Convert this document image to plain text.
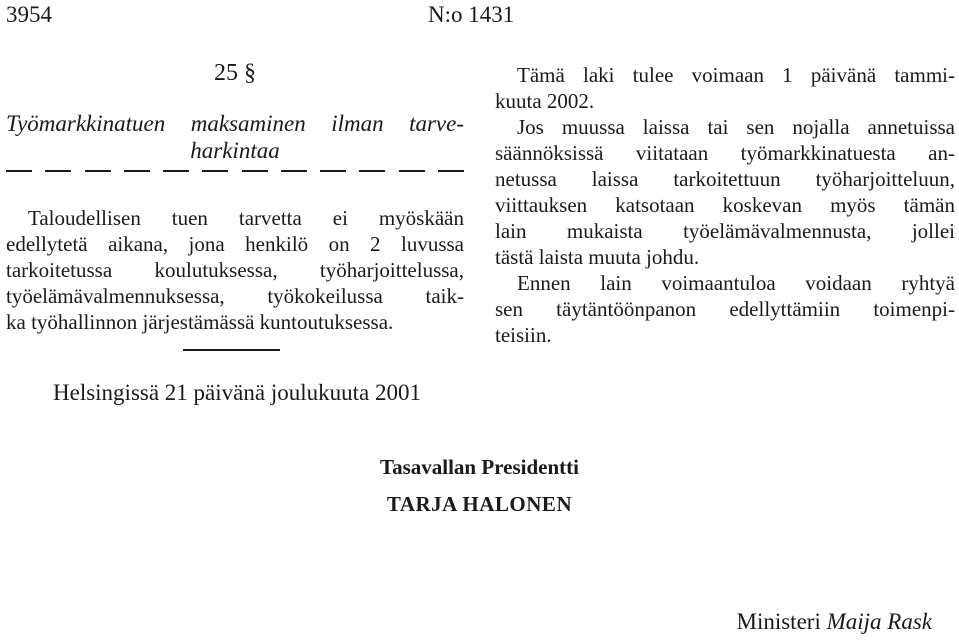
3954	N:o 1431
25 §
Työmarkkinatuen maksaminen ilman tarve-
harkintaa
Taloudellisen tuen tarvetta ei myöskään
edellytetä aikana, jona henkilö on 2 luvussa
tarkoitetussa koulutuksessa, työharjoittelussa,
työelämävalmennuksessa, työkokeilussa taik-
ka työhallinnon järjestämässä kuntoutuksessa.
Tämä laki tulee voimaan 1 päivänä tammi-
kuuta 2002.
Jos muussa laissa tai sen nojalla annetuissa
säännöksissä viitataan työmarkkinatuesta an-
netussa laissa tarkoitettuun työharjoitteluun,
viittauksen katsotaan koskevan myös tämän
lain mukaista työelämävalmennusta, jollei
tästä laista muuta johdu.
Ennen lain voimaantuloa voidaan ryhtyä
sen täytäntöönpanon edellyttämiin toimenpi-
teisiin.
Helsingissä 21 päivänä joulukuuta 2001
Tasavallan Presidentti
TARJA HALONEN
Ministeri Maija Rask
